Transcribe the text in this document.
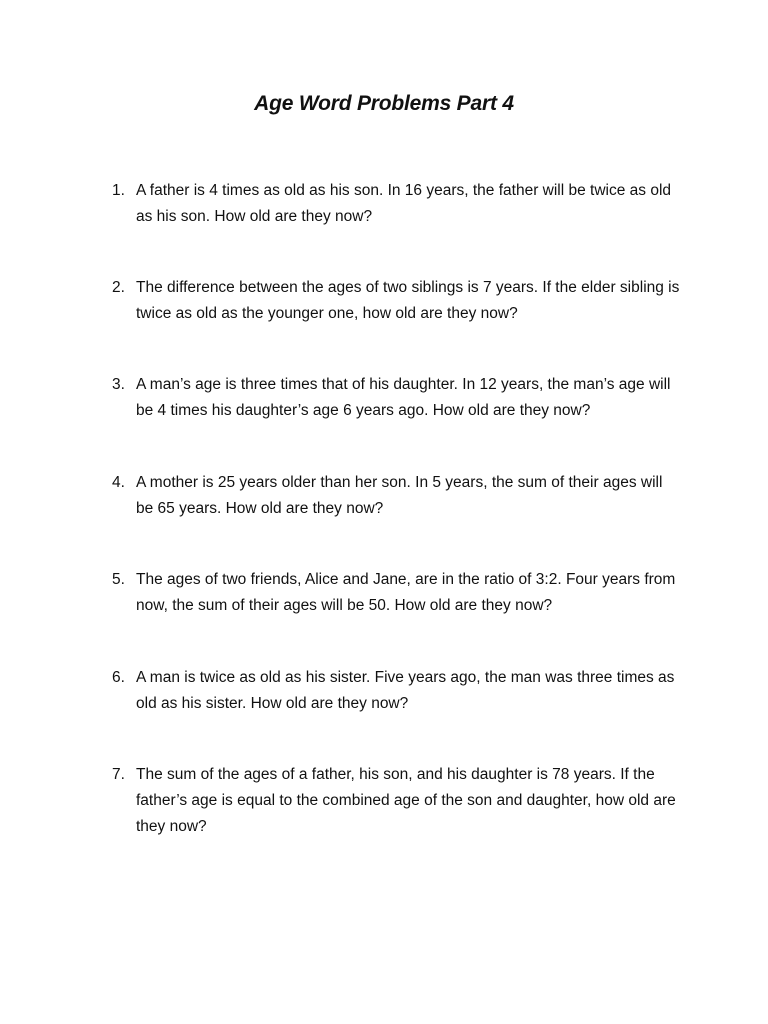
Age Word Problems Part 4
1. A father is 4 times as old as his son. In 16 years, the father will be twice as old as his son. How old are they now?
2. The difference between the ages of two siblings is 7 years. If the elder sibling is twice as old as the younger one, how old are they now?
3. A man’s age is three times that of his daughter. In 12 years, the man’s age will be 4 times his daughter’s age 6 years ago. How old are they now?
4. A mother is 25 years older than her son. In 5 years, the sum of their ages will be 65 years. How old are they now?
5. The ages of two friends, Alice and Jane, are in the ratio of 3:2. Four years from now, the sum of their ages will be 50. How old are they now?
6. A man is twice as old as his sister. Five years ago, the man was three times as old as his sister. How old are they now?
7. The sum of the ages of a father, his son, and his daughter is 78 years. If the father’s age is equal to the combined age of the son and daughter, how old are they now?
